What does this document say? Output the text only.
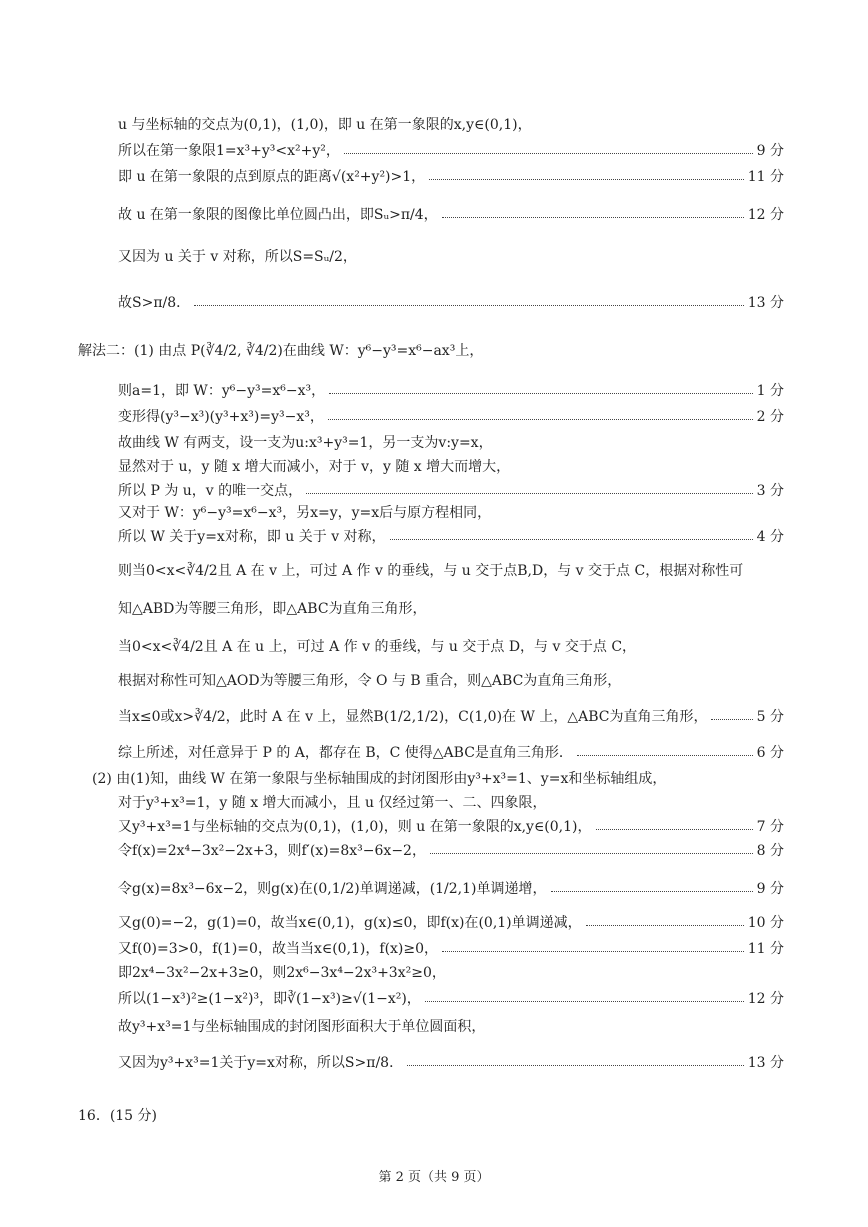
u 与坐标轴的交点为(0,1)，(1,0)，即 u 在第一象限的x,y∈(0,1)，
所以在第一象限1=x³+y³<x²+y²，	9 分
即 u 在第一象限的点到原点的距离√(x²+y²)>1，	11 分
故 u 在第一象限的图像比单位圆凸出，即Sᵤ>π/4，	12 分
又因为 u 关于 v 对称，所以S=Sᵤ/2，
故S>π/8．	13 分
解法二：(1) 由点 P(∛4/2, ∛4/2)在曲线 W：y⁶−y³=x⁶−ax³上，
则a=1，即 W：y⁶−y³=x⁶−x³，	1 分
变形得(y³−x³)(y³+x³)=y³−x³，	2 分
故曲线 W 有两支，设一支为u:x³+y³=1，另一支为v:y=x，
显然对于 u，y 随 x 增大而减小，对于 v，y 随 x 增大而增大，
所以 P 为 u，v 的唯一交点，	3 分
又对于 W：y⁶−y³=x⁶−x³，另x=y，y=x后与原方程相同，
所以 W 关于y=x对称，即 u 关于 v 对称，	4 分
则当0<x<∛4/2且 A 在 v 上，可过 A 作 v 的垂线，与 u 交于点B,D，与 v 交于点 C，根据对称性可
知△ABD为等腰三角形，即△ABC为直角三角形，
当0<x<∛4/2且 A 在 u 上，可过 A 作 v 的垂线，与 u 交于点 D，与 v 交于点 C，
根据对称性可知△AOD为等腰三角形，令 O 与 B 重合，则△ABC为直角三角形，
当x≤0或x>∛4/2，此时 A 在 v 上，显然B(1/2,1/2)，C(1,0)在 W 上，△ABC为直角三角形，	5 分
综上所述，对任意异于 P 的 A，都存在 B，C 使得△ABC是直角三角形．	6 分
(2) 由(1)知，曲线 W 在第一象限与坐标轴围成的封闭图形由y³+x³=1、y=x和坐标轴组成，
对于y³+x³=1，y 随 x 增大而减小，且 u 仅经过第一、二、四象限，
又y³+x³=1与坐标轴的交点为(0,1)，(1,0)，则 u 在第一象限的x,y∈(0,1)，	7 分
令f(x)=2x⁴−3x²−2x+3，则f′(x)=8x³−6x−2，	8 分
令g(x)=8x³−6x−2，则g(x)在(0,1/2)单调递减，(1/2,1)单调递增，	9 分
又g(0)=−2，g(1)=0，故当x∈(0,1)，g(x)≤0，即f(x)在(0,1)单调递减，	10 分
又f(0)=3>0，f(1)=0，故当当x∈(0,1)，f(x)≥0，	11 分
即2x⁴−3x²−2x+3≥0，则2x⁶−3x⁴−2x³+3x²≥0，
所以(1−x³)²≥(1−x²)³，即∛(1−x³)≥√(1−x²)，	12 分
故y³+x³=1与坐标轴围成的封闭图形面积大于单位圆面积，
又因为y³+x³=1关于y=x对称，所以S>π/8．	13 分
16．(15 分)
第 2 页（共 9 页）
